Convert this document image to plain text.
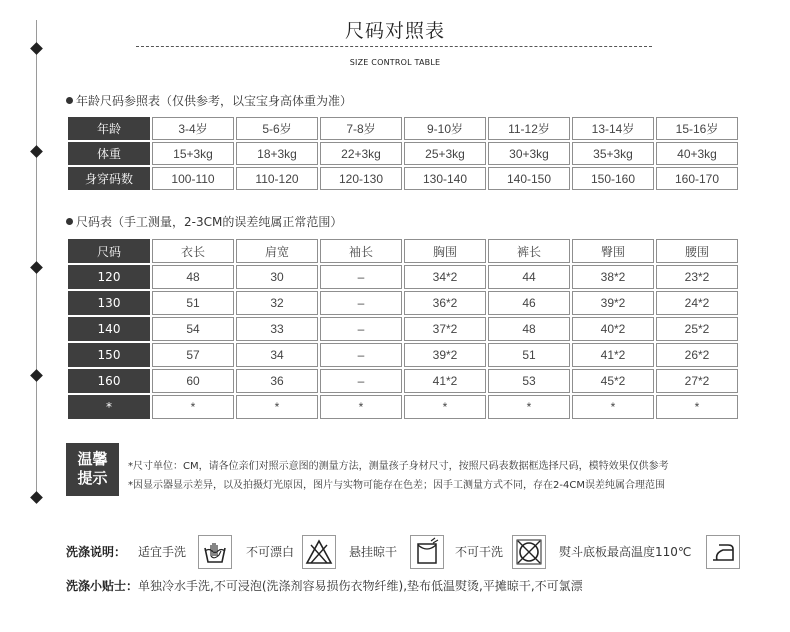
尺码对照表
SIZE CONTROL TABLE
年龄尺码参照表（仅供参考，以宝宝身高体重为准）
年龄	3-4岁	5-6岁	7-8岁	9-10岁	11-12岁	13-14岁	15-16岁
体重	15+3kg	18+3kg	22+3kg	25+3kg	30+3kg	35+3kg	40+3kg
身穿码数	100-110	110-120	120-130	130-140	140-150	150-160	160-170
尺码表（手工测量，2-3CM的误差纯属正常范围）
尺码	衣长	肩宽	袖长	胸围	裤长	臀围	腰围
120	48	30	–	34*2	44	38*2	23*2
130	51	32	–	36*2	46	39*2	24*2
140	54	33	–	37*2	48	40*2	25*2
150	57	34	–	39*2	51	41*2	26*2
160	60	36	–	41*2	53	45*2	27*2
*	*	*	*	*	*	*	*
温馨
提示
*尺寸单位：CM，请各位亲们对照示意图的测量方法，测量孩子身材尺寸，按照尺码表数据框选择尺码，模特效果仅供参考
*因显示器显示差异，以及拍摄灯光原因，图片与实物可能存在色差；因手工测量方式不同，存在2-4CM误差纯属合理范围
洗涤说明： 适宜手洗	不可漂白	悬挂晾干	不可干洗	熨斗底板最高温度110℃
洗涤小贴士：单独冷水手洗,不可浸泡(洗涤剂容易损伤衣物纤维),垫布低温熨烫,平摊晾干,不可氯漂
